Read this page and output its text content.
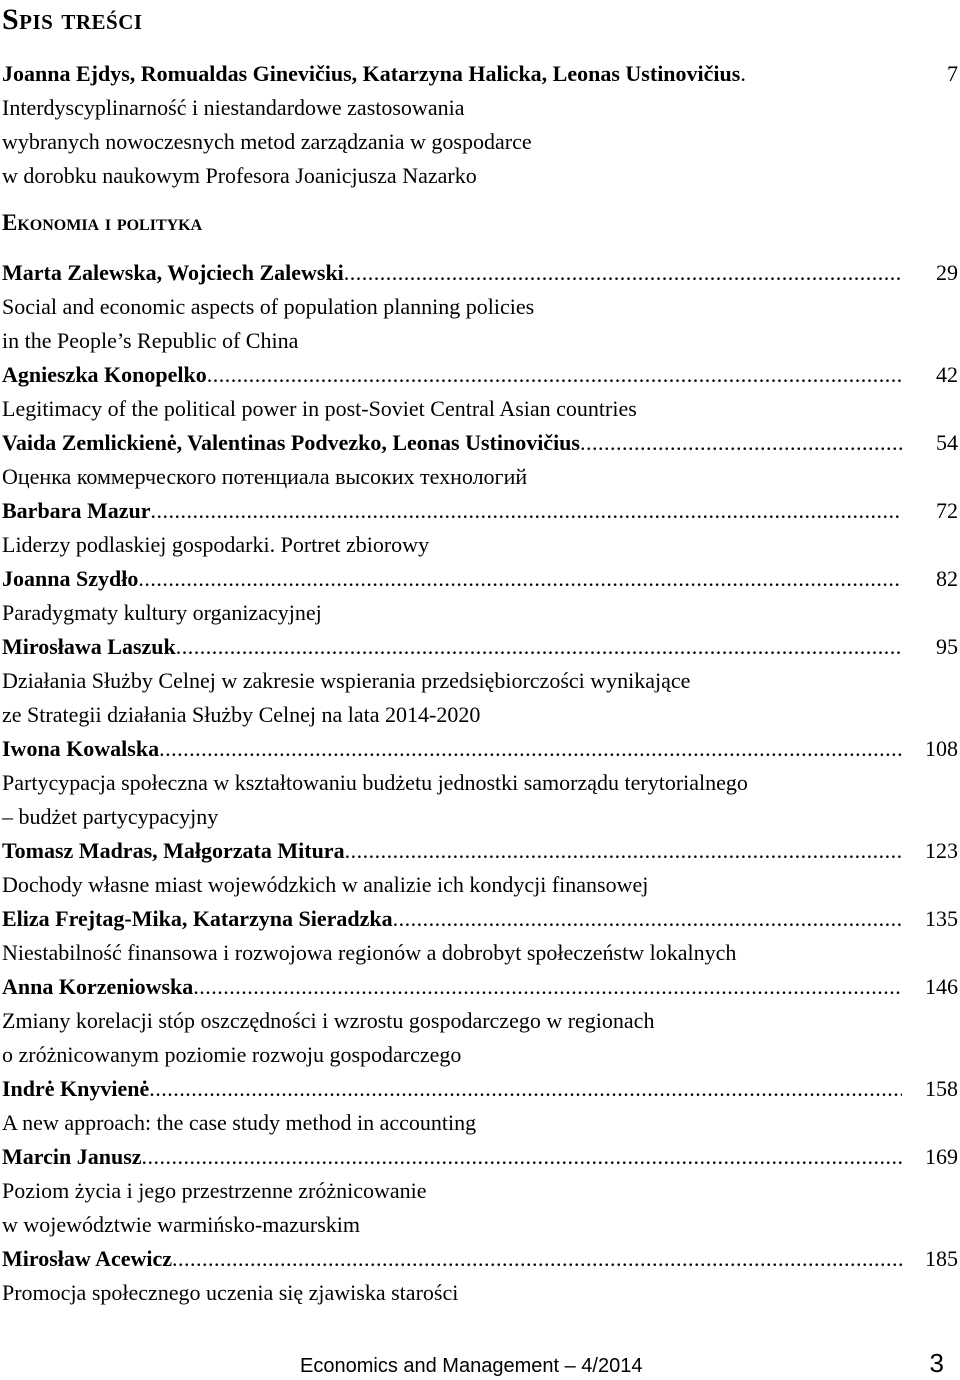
Spis treści
Joanna Ejdys, Romualdas Ginevičius, Katarzyna Halicka, Leonas Ustinovičius .	7
Interdyscyplinarność i niestandardowe zastosowania
wybranych nowoczesnych metod zarządzania w gospodarce
w dorobku naukowym Profesora Joanicjusza Nazarko
Ekonomia i polityka
Marta Zalewska, Wojciech Zalewski .....	29
Social and economic aspects of population planning policies
in the People’s Republic of China
Agnieszka Konopelko .....	42
Legitimacy of the political power in post-Soviet Central Asian countries
Vaida Zemlickienė, Valentinas Podvezko, Leonas Ustinovičius .....	54
Оценка коммерческого потенциала высоких технологий
Barbara Mazur .....	72
Liderzy podlaskiej gospodarki. Portret zbiorowy
Joanna Szydło .....	82
Paradygmaty kultury organizacyjnej
Mirosława Laszuk .....	95
Działania Służby Celnej w zakresie wspierania przedsiębiorczości wynikające
ze Strategii działania Służby Celnej na lata 2014-2020
Iwona Kowalska .....	108
Partycypacja społeczna w kształtowaniu budżetu jednostki samorządu terytorialnego
– budżet partycypacyjny
Tomasz Madras, Małgorzata Mitura .....	123
Dochody własne miast wojewódzkich w analizie ich kondycji finansowej
Eliza Frejtag-Mika, Katarzyna Sieradzka .....	135
Niestabilność finansowa i rozwojowa regionów a dobrobyt społeczeństw lokalnych
Anna Korzeniowska .....	146
Zmiany korelacji stóp oszczędności i wzrostu gospodarczego w regionach
o zróżnicowanym poziomie rozwoju gospodarczego
Indrė Knyvienė .....	158
A new approach: the case study method in accounting
Marcin Janusz .....	169
Poziom życia i jego przestrzenne zróżnicowanie
w województwie warmińsko-mazurskim
Mirosław Acewicz .....	185
Promocja społecznego uczenia się zjawiska starości
Economics and Management – 4/2014	3
